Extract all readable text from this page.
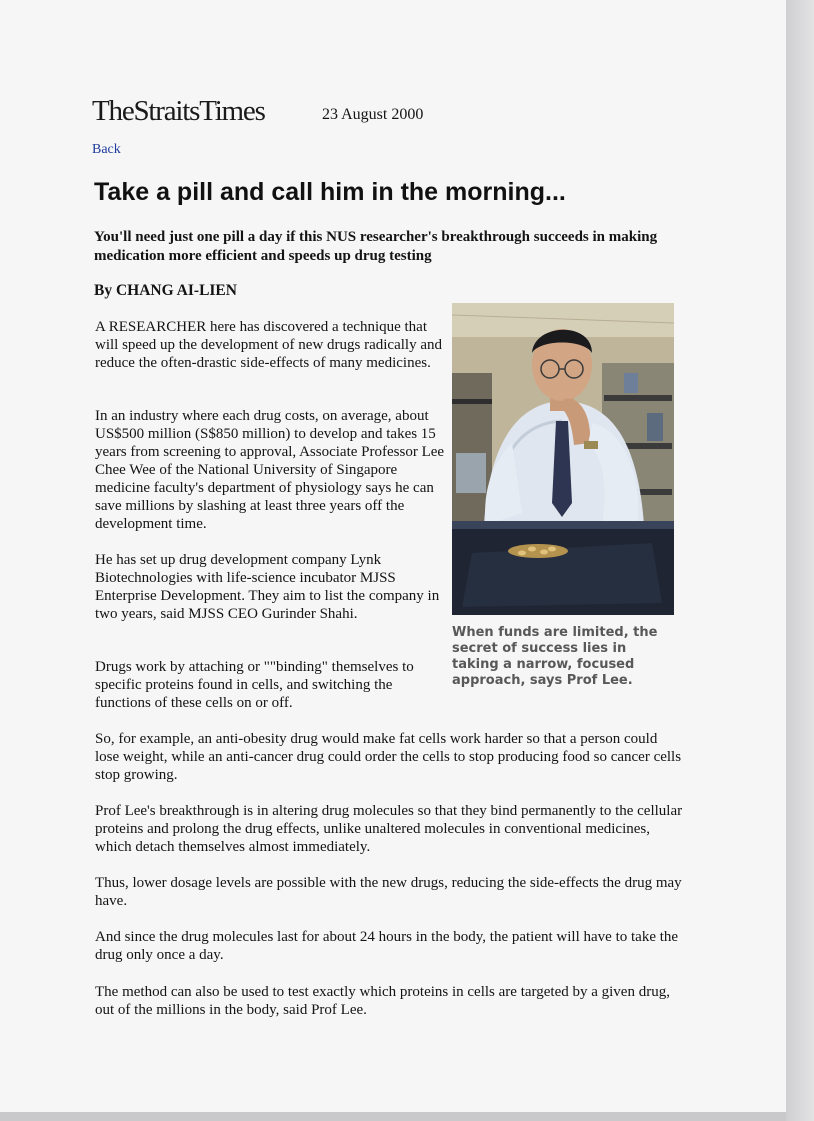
TheStraitsTimes	23 August 2000
Back
Take a pill and call him in the morning...

You'll need just one pill a day if this NUS researcher's breakthrough succeeds in making medication more efficient and speeds up drug testing

By CHANG AI-LIEN

A RESEARCHER here has discovered a technique that will speed up the development of new drugs radically and reduce the often-drastic side-effects of many medicines.

In an industry where each drug costs, on average, about US$500 million (S$850 million) to develop and takes 15 years from screening to approval, Associate Professor Lee Chee Wee of the National University of Singapore medicine faculty's department of physiology says he can save millions by slashing at least three years off the development time.

He has set up drug development company Lynk Biotechnologies with life-science incubator MJSS Enterprise Development. They aim to list the company in two years, said MJSS CEO Gurinder Shahi.

Drugs work by attaching or ""binding" themselves to specific proteins found in cells, and switching the functions of these cells on or off.

So, for example, an anti-obesity drug would make fat cells work harder so that a person could lose weight, while an anti-cancer drug could order the cells to stop producing food so cancer cells stop growing.

Prof Lee's breakthrough is in altering drug molecules so that they bind permanently to the cellular proteins and prolong the drug effects, unlike unaltered molecules in conventional medicines, which detach themselves almost immediately.

Thus, lower dosage levels are possible with the new drugs, reducing the side-effects the drug may have.

And since the drug molecules last for about 24 hours in the body, the patient will have to take the drug only once a day.

The method can also be used to test exactly which proteins in cells are targeted by a given drug, out of the millions in the body, said Prof Lee.

When funds are limited, the secret of success lies in taking a narrow, focused approach, says Prof Lee.
